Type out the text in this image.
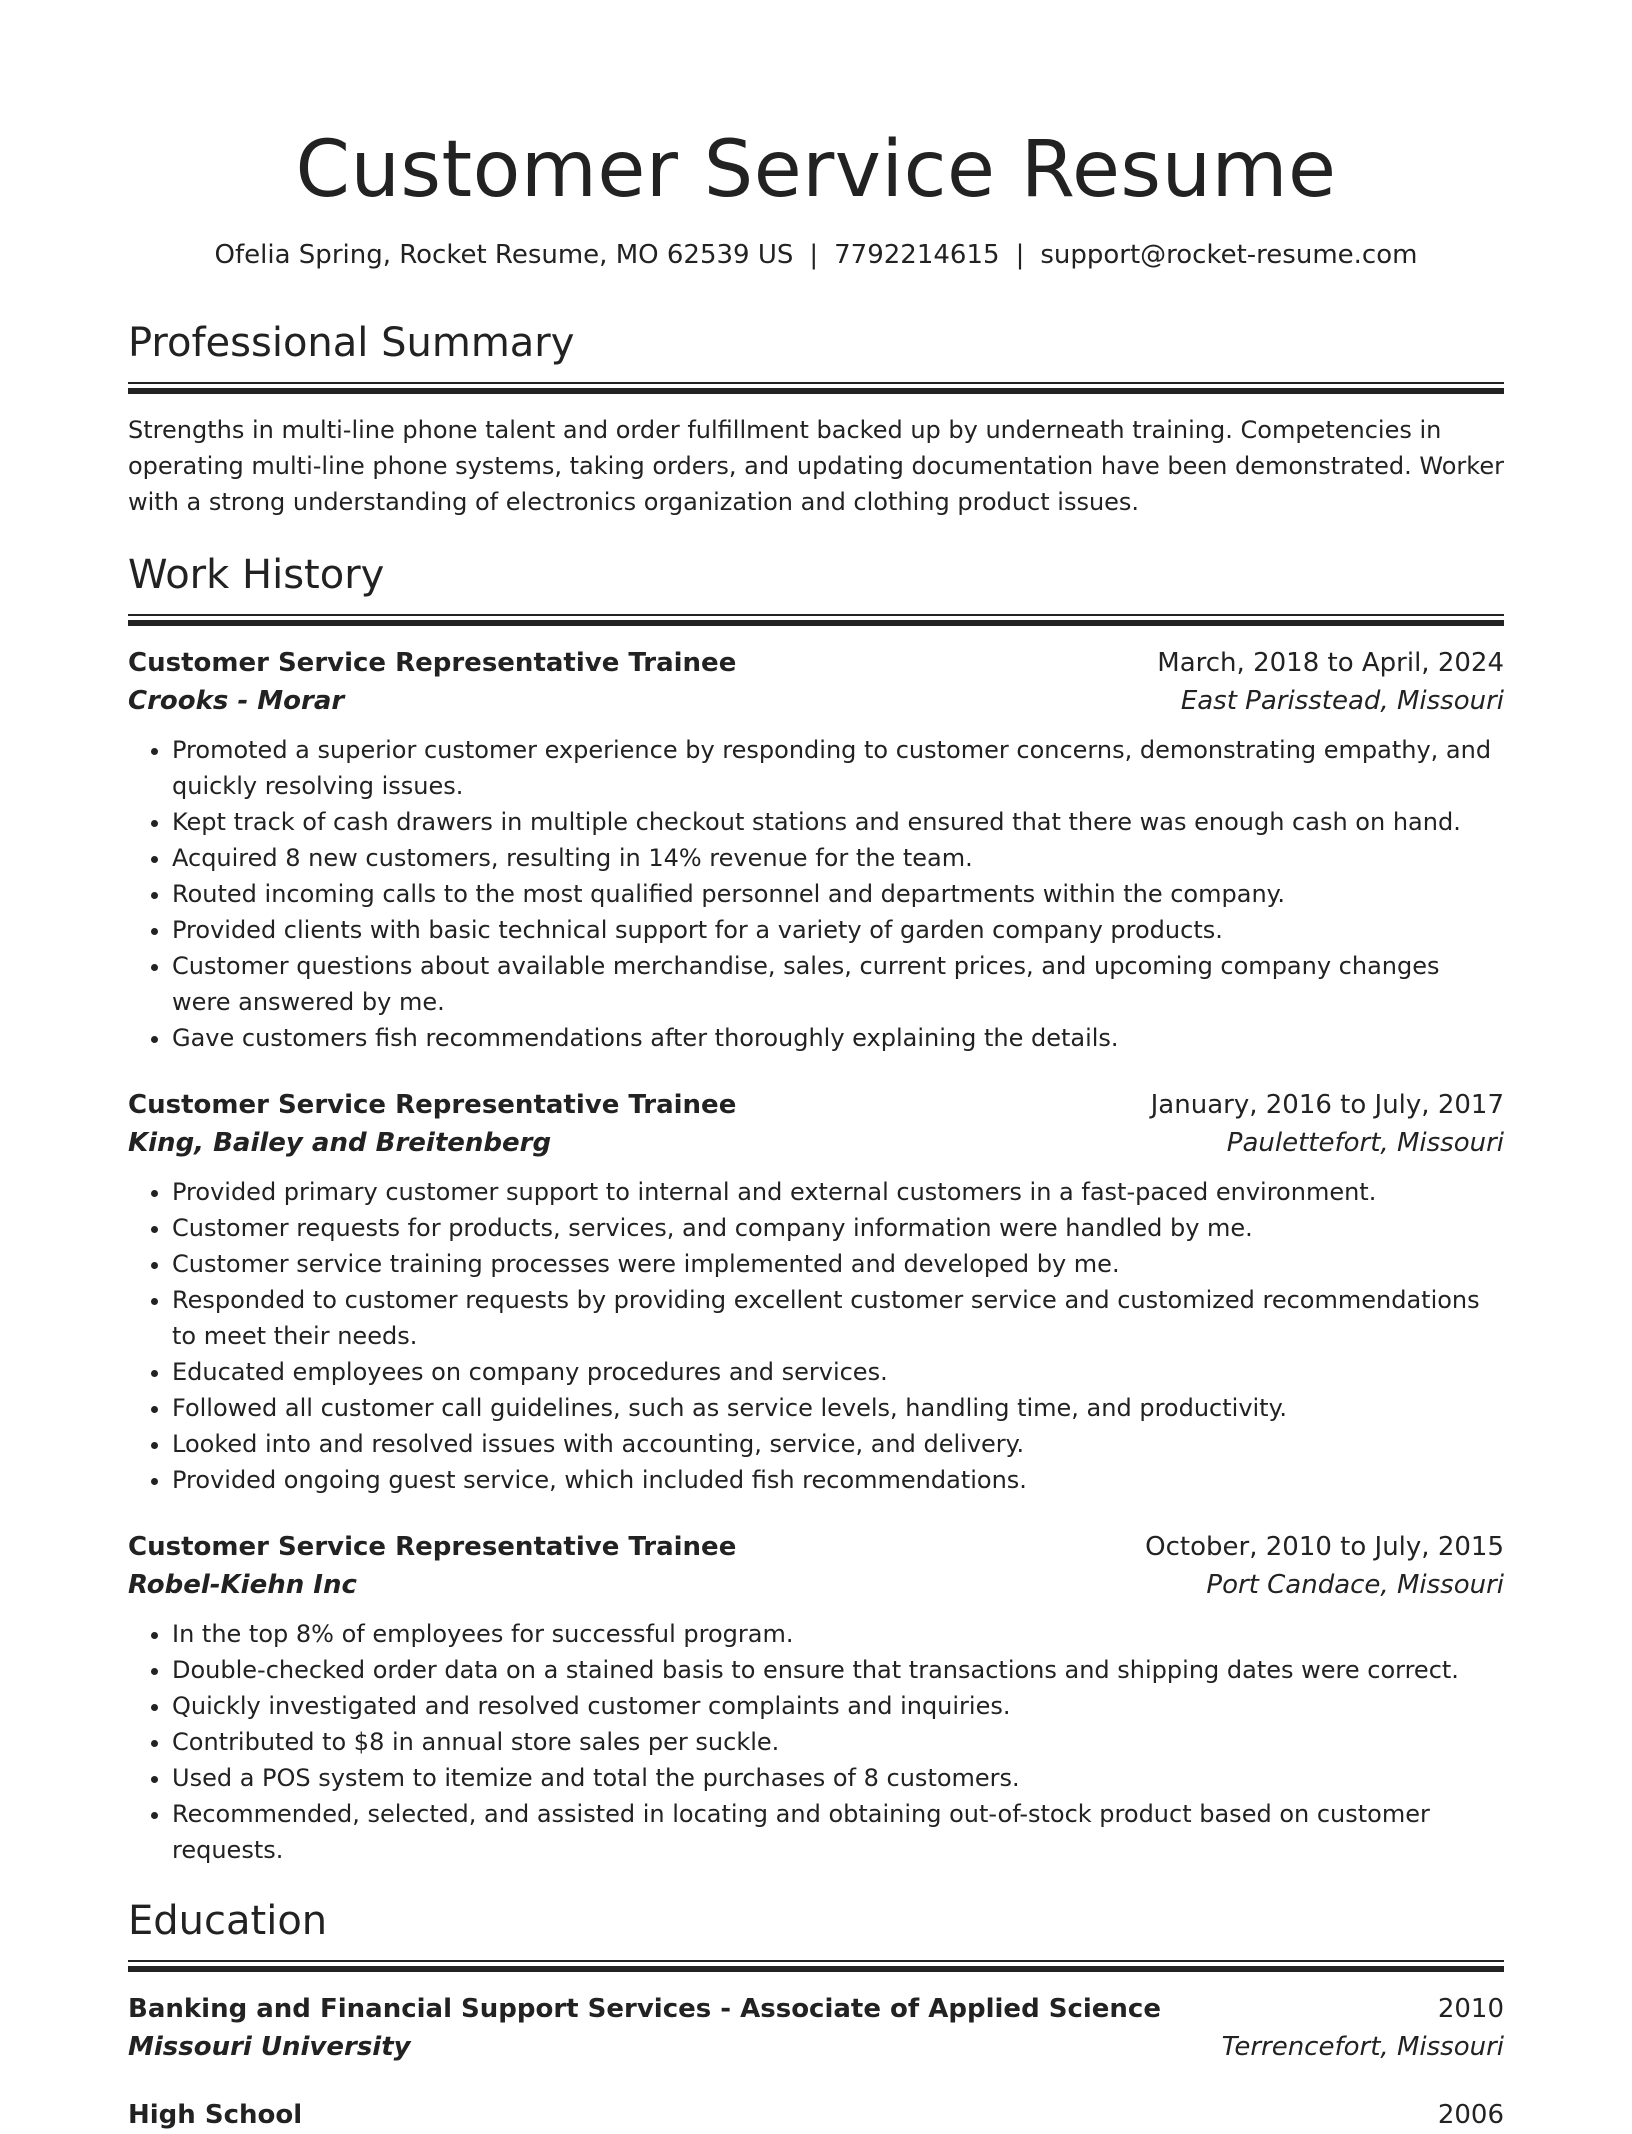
Customer Service Resume
Ofelia Spring, Rocket Resume, MO 62539 US | 7792214615 | support@rocket-resume.com
Professional Summary
Strengths in multi-line phone talent and order fulfillment backed up by underneath training. Competencies in operating multi-line phone systems, taking orders, and updating documentation have been demonstrated. Worker with a strong understanding of electronics organization and clothing product issues.
Work History
Customer Service Representative Trainee	March, 2018 to April, 2024
Crooks - Morar	East Parisstead, Missouri
• Promoted a superior customer experience by responding to customer concerns, demonstrating empathy, and quickly resolving issues.
• Kept track of cash drawers in multiple checkout stations and ensured that there was enough cash on hand.
• Acquired 8 new customers, resulting in 14% revenue for the team.
• Routed incoming calls to the most qualified personnel and departments within the company.
• Provided clients with basic technical support for a variety of garden company products.
• Customer questions about available merchandise, sales, current prices, and upcoming company changes were answered by me.
• Gave customers fish recommendations after thoroughly explaining the details.
Customer Service Representative Trainee	January, 2016 to July, 2017
King, Bailey and Breitenberg	Paulettefort, Missouri
• Provided primary customer support to internal and external customers in a fast-paced environment.
• Customer requests for products, services, and company information were handled by me.
• Customer service training processes were implemented and developed by me.
• Responded to customer requests by providing excellent customer service and customized recommendations to meet their needs.
• Educated employees on company procedures and services.
• Followed all customer call guidelines, such as service levels, handling time, and productivity.
• Looked into and resolved issues with accounting, service, and delivery.
• Provided ongoing guest service, which included fish recommendations.
Customer Service Representative Trainee	October, 2010 to July, 2015
Robel-Kiehn Inc	Port Candace, Missouri
• In the top 8% of employees for successful program.
• Double-checked order data on a stained basis to ensure that transactions and shipping dates were correct.
• Quickly investigated and resolved customer complaints and inquiries.
• Contributed to $8 in annual store sales per suckle.
• Used a POS system to itemize and total the purchases of 8 customers.
• Recommended, selected, and assisted in locating and obtaining out-of-stock product based on customer requests.
Education
Banking and Financial Support Services - Associate of Applied Science	2010
Missouri University	Terrencefort, Missouri
High School	2006
